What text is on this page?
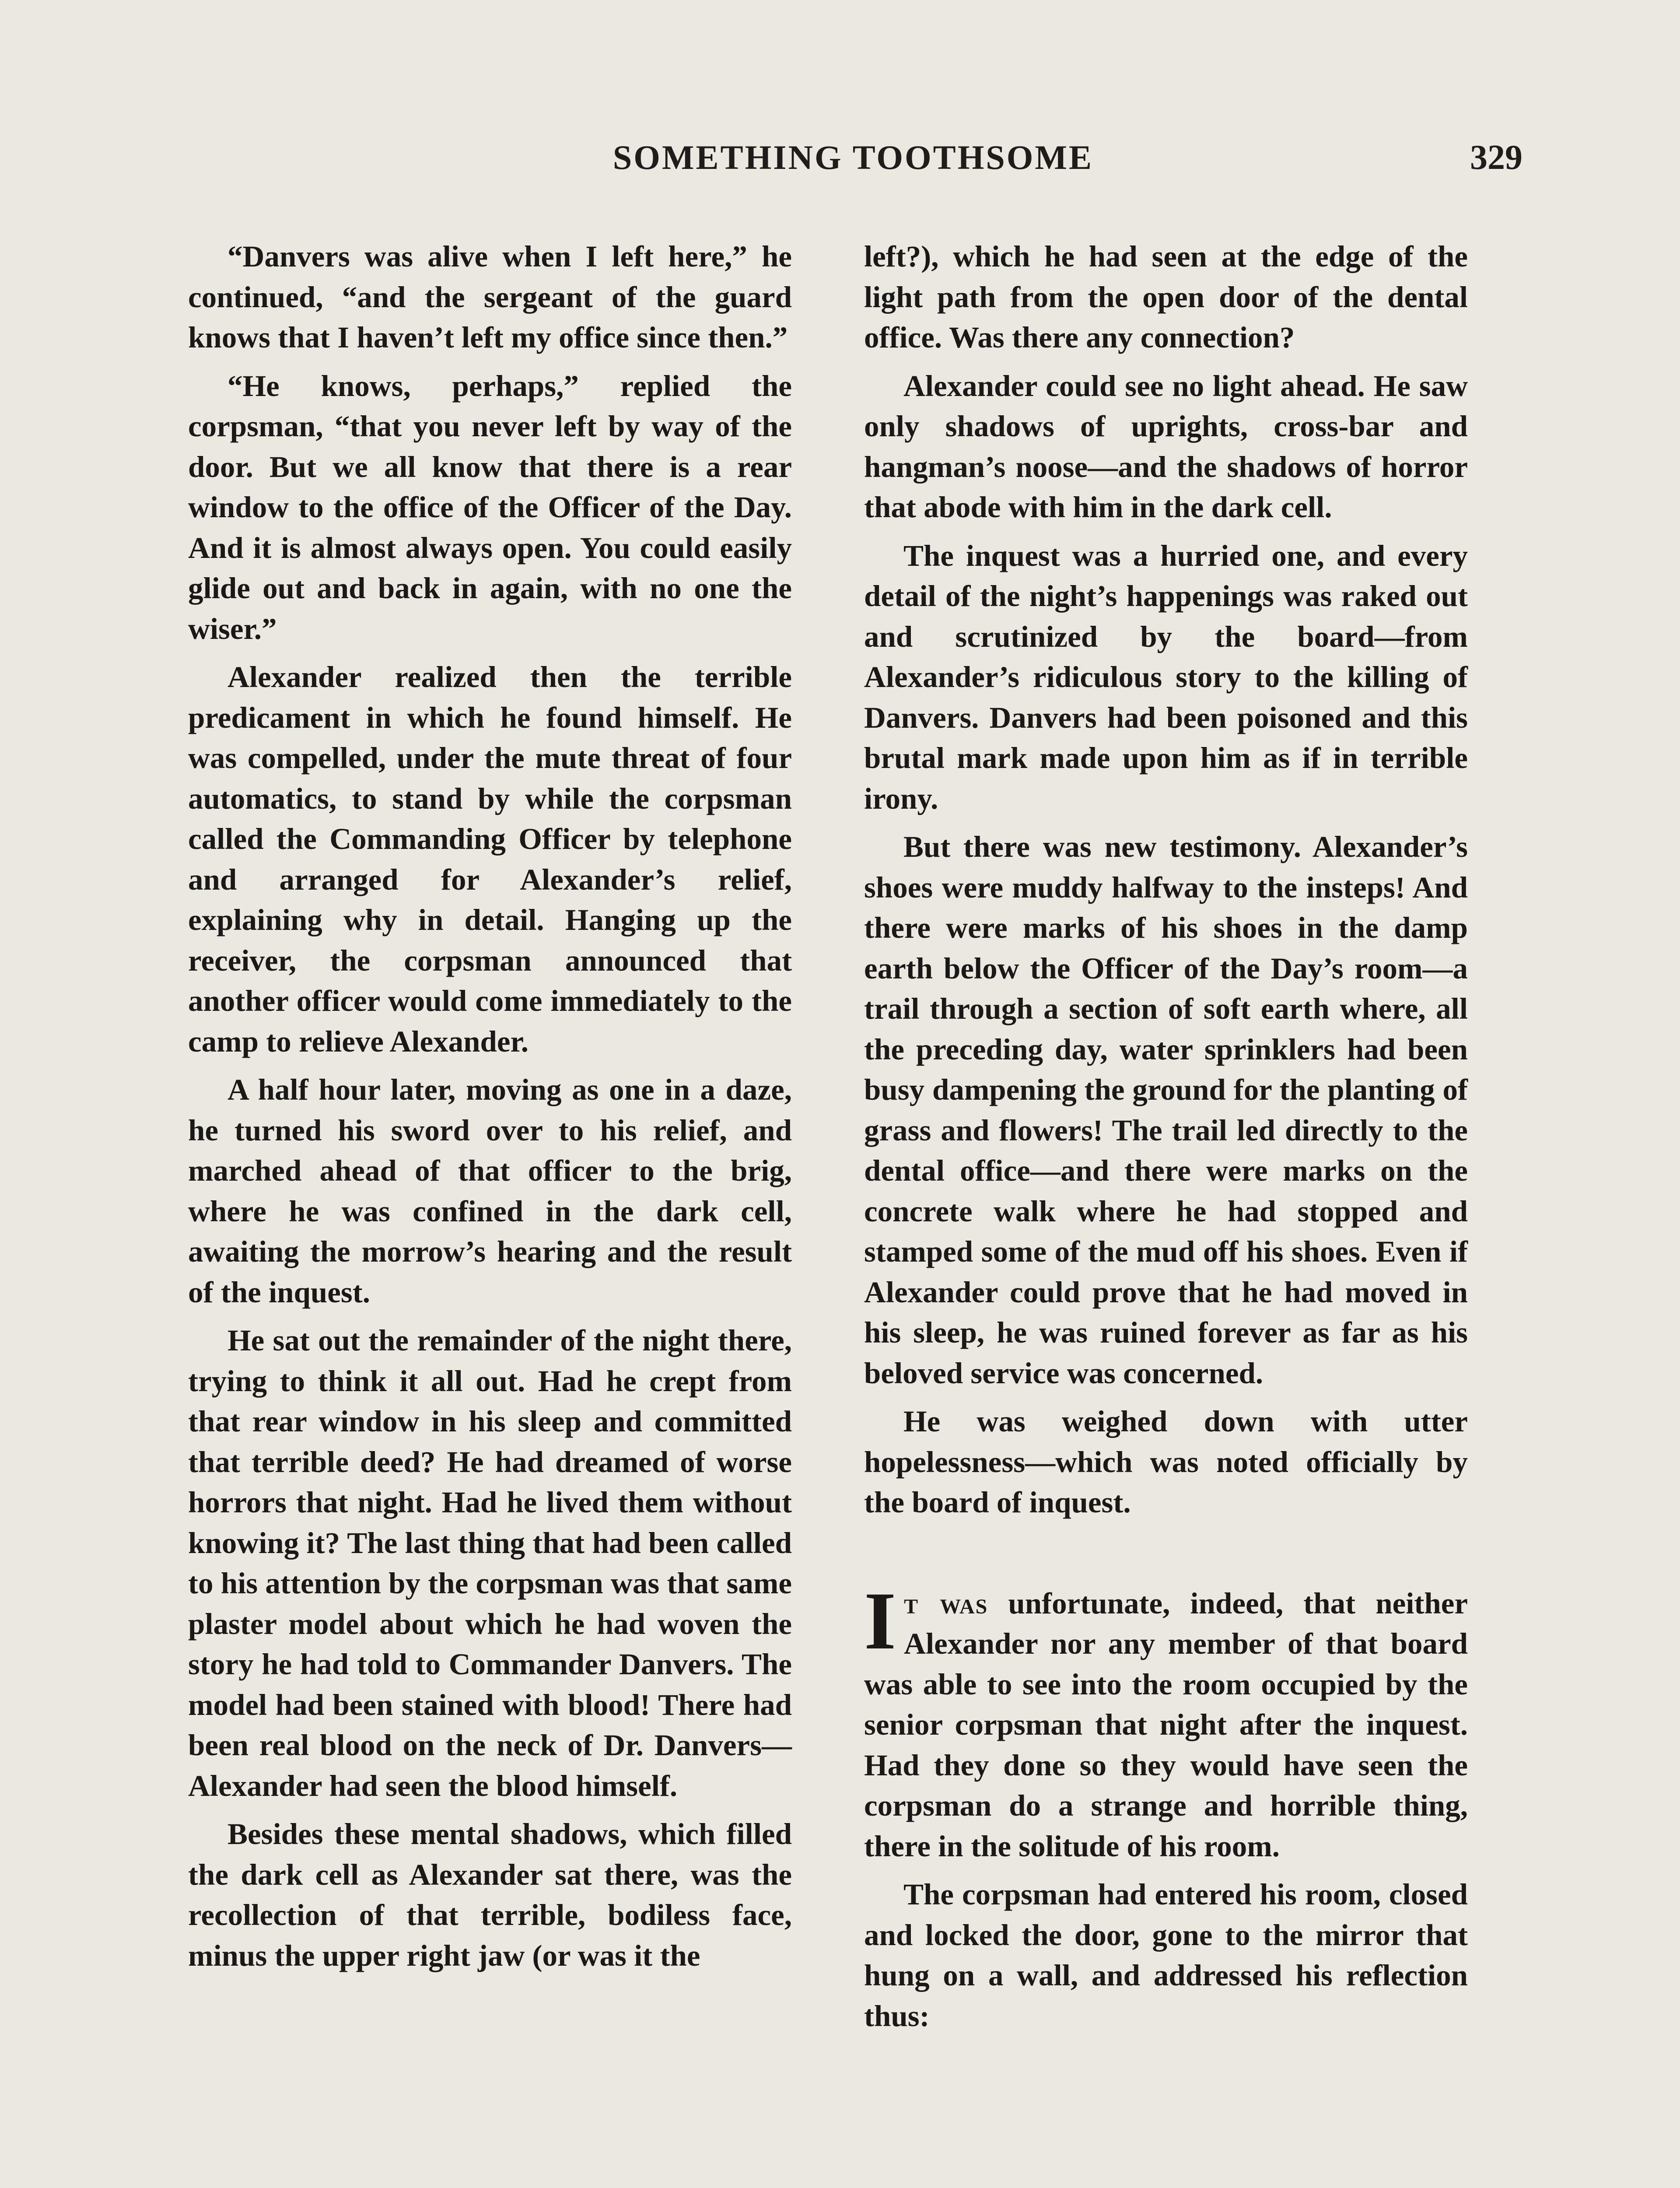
SOMETHING TOOTHSOME	329

“Danvers was alive when I left here,” he continued, “and the sergeant of the guard knows that I haven’t left my office since then.”

“He knows, perhaps,” replied the corpsman, “that you never left by way of the door. But we all know that there is a rear window to the office of the Officer of the Day. And it is almost always open. You could easily glide out and back in again, with no one the wiser.”

Alexander realized then the terrible predicament in which he found himself. He was compelled, under the mute threat of four automatics, to stand by while the corpsman called the Commanding Officer by telephone and arranged for Alexander’s relief, explaining why in detail. Hanging up the receiver, the corpsman announced that another officer would come immediately to the camp to relieve Alexander.

A half hour later, moving as one in a daze, he turned his sword over to his relief, and marched ahead of that officer to the brig, where he was confined in the dark cell, awaiting the morrow’s hearing and the result of the inquest.

He sat out the remainder of the night there, trying to think it all out. Had he crept from that rear window in his sleep and committed that terrible deed? He had dreamed of worse horrors that night. Had he lived them without knowing it? The last thing that had been called to his attention by the corpsman was that same plaster model about which he had woven the story he had told to Commander Danvers. The model had been stained with blood! There had been real blood on the neck of Dr. Danvers—Alexander had seen the blood himself.

Besides these mental shadows, which filled the dark cell as Alexander sat there, was the recollection of that terrible, bodiless face, minus the upper right jaw (or was it the

left?), which he had seen at the edge of the light path from the open door of the dental office. Was there any connection?

Alexander could see no light ahead. He saw only shadows of uprights, cross-bar and hangman’s noose—and the shadows of horror that abode with him in the dark cell.

The inquest was a hurried one, and every detail of the night’s happenings was raked out and scrutinized by the board—from Alexander’s ridiculous story to the killing of Danvers. Danvers had been poisoned and this brutal mark made upon him as if in terrible irony.

But there was new testimony. Alexander’s shoes were muddy halfway to the insteps! And there were marks of his shoes in the damp earth below the Officer of the Day’s room—a trail through a section of soft earth where, all the preceding day, water sprinklers had been busy dampening the ground for the planting of grass and flowers! The trail led directly to the dental office—and there were marks on the concrete walk where he had stopped and stamped some of the mud off his shoes. Even if Alexander could prove that he had moved in his sleep, he was ruined forever as far as his beloved service was concerned.

He was weighed down with utter hopelessness—which was noted officially by the board of inquest.

It was unfortunate, indeed, that neither Alexander nor any member of that board was able to see into the room occupied by the senior corpsman that night after the inquest. Had they done so they would have seen the corpsman do a strange and horrible thing, there in the solitude of his room.

The corpsman had entered his room, closed and locked the door, gone to the mirror that hung on a wall, and addressed his reflection thus:
